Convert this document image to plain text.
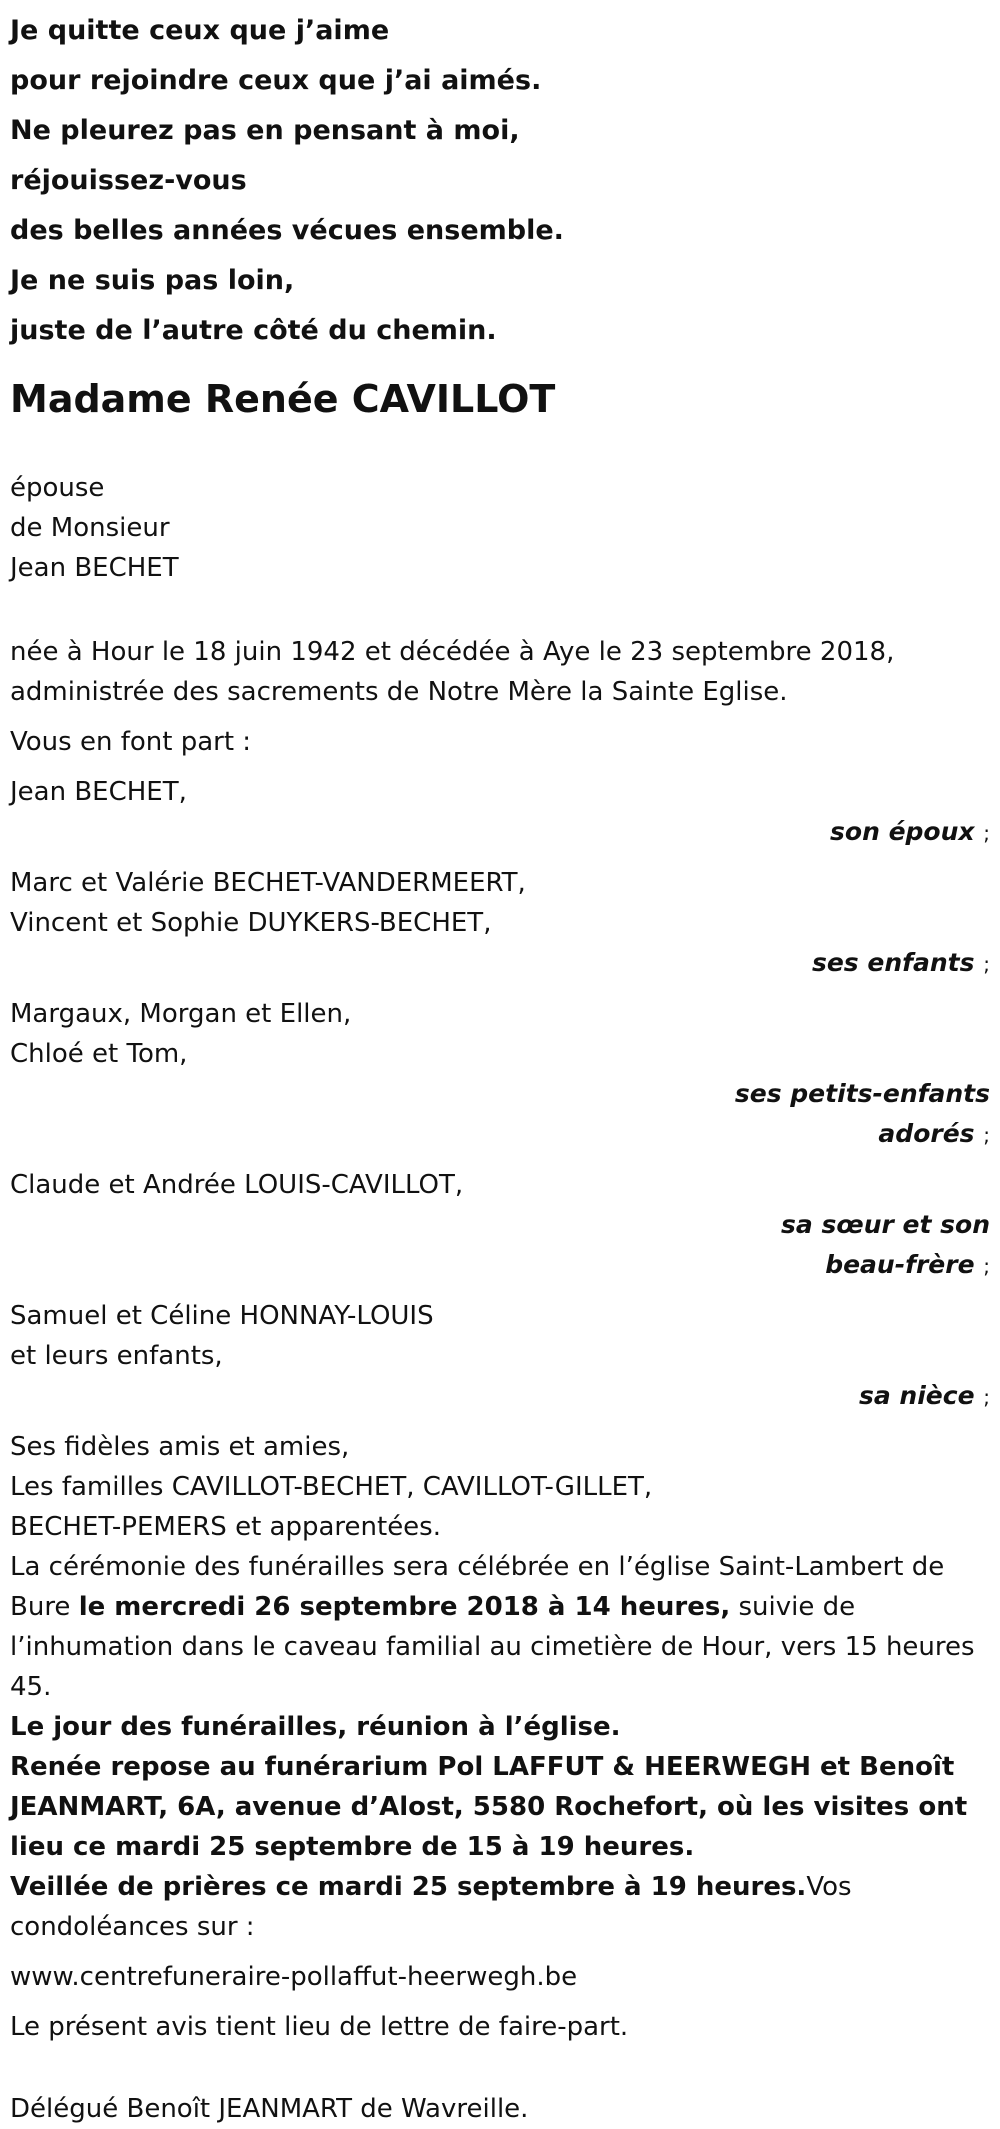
Je quitte ceux que j’aime

pour rejoindre ceux que j’ai aimés.

Ne pleurez pas en pensant à moi,

réjouissez-vous

des belles années vécues ensemble.

Je ne suis pas loin,

juste de l’autre côté du chemin.

Madame Renée CAVILLOT

épouse

de Monsieur

Jean BECHET

née à Hour le 18 juin 1942 et décédée à Aye le 23 septembre 2018,

administrée des sacrements de Notre Mère la Sainte Eglise.

Vous en font part :

Jean BECHET,

son époux ;

Marc et Valérie BECHET-VANDERMEERT,

Vincent et Sophie DUYKERS-BECHET,

ses enfants ;

Margaux, Morgan et Ellen,

Chloé et Tom,

ses petits-enfants

adorés ;

Claude et Andrée LOUIS-CAVILLOT,

sa sœur et son

beau-frère ;

Samuel et Céline HONNAY-LOUIS

et leurs enfants,

sa nièce ;

Ses fidèles amis et amies,

Les familles CAVILLOT-BECHET, CAVILLOT-GILLET,

BECHET-PEMERS et apparentées.

La cérémonie des funérailles sera célébrée en l’église Saint-Lambert de Bure le mercredi 26 septembre 2018 à 14 heures, suivie de l’inhumation dans le caveau familial au cimetière de Hour, vers 15 heures 45.

Le jour des funérailles, réunion à l’église.

Renée repose au funérarium Pol LAFFUT & HEERWEGH et Benoît JEANMART, 6A, avenue d’Alost, 5580 Rochefort, où les visites ont lieu ce mardi 25 septembre de 15 à 19 heures.

Veillée de prières ce mardi 25 septembre à 19 heures.Vos condoléances sur :

www.centrefuneraire-pollaffut-heerwegh.be

Le présent avis tient lieu de lettre de faire-part.

Délégué Benoît JEANMART de Wavreille.
